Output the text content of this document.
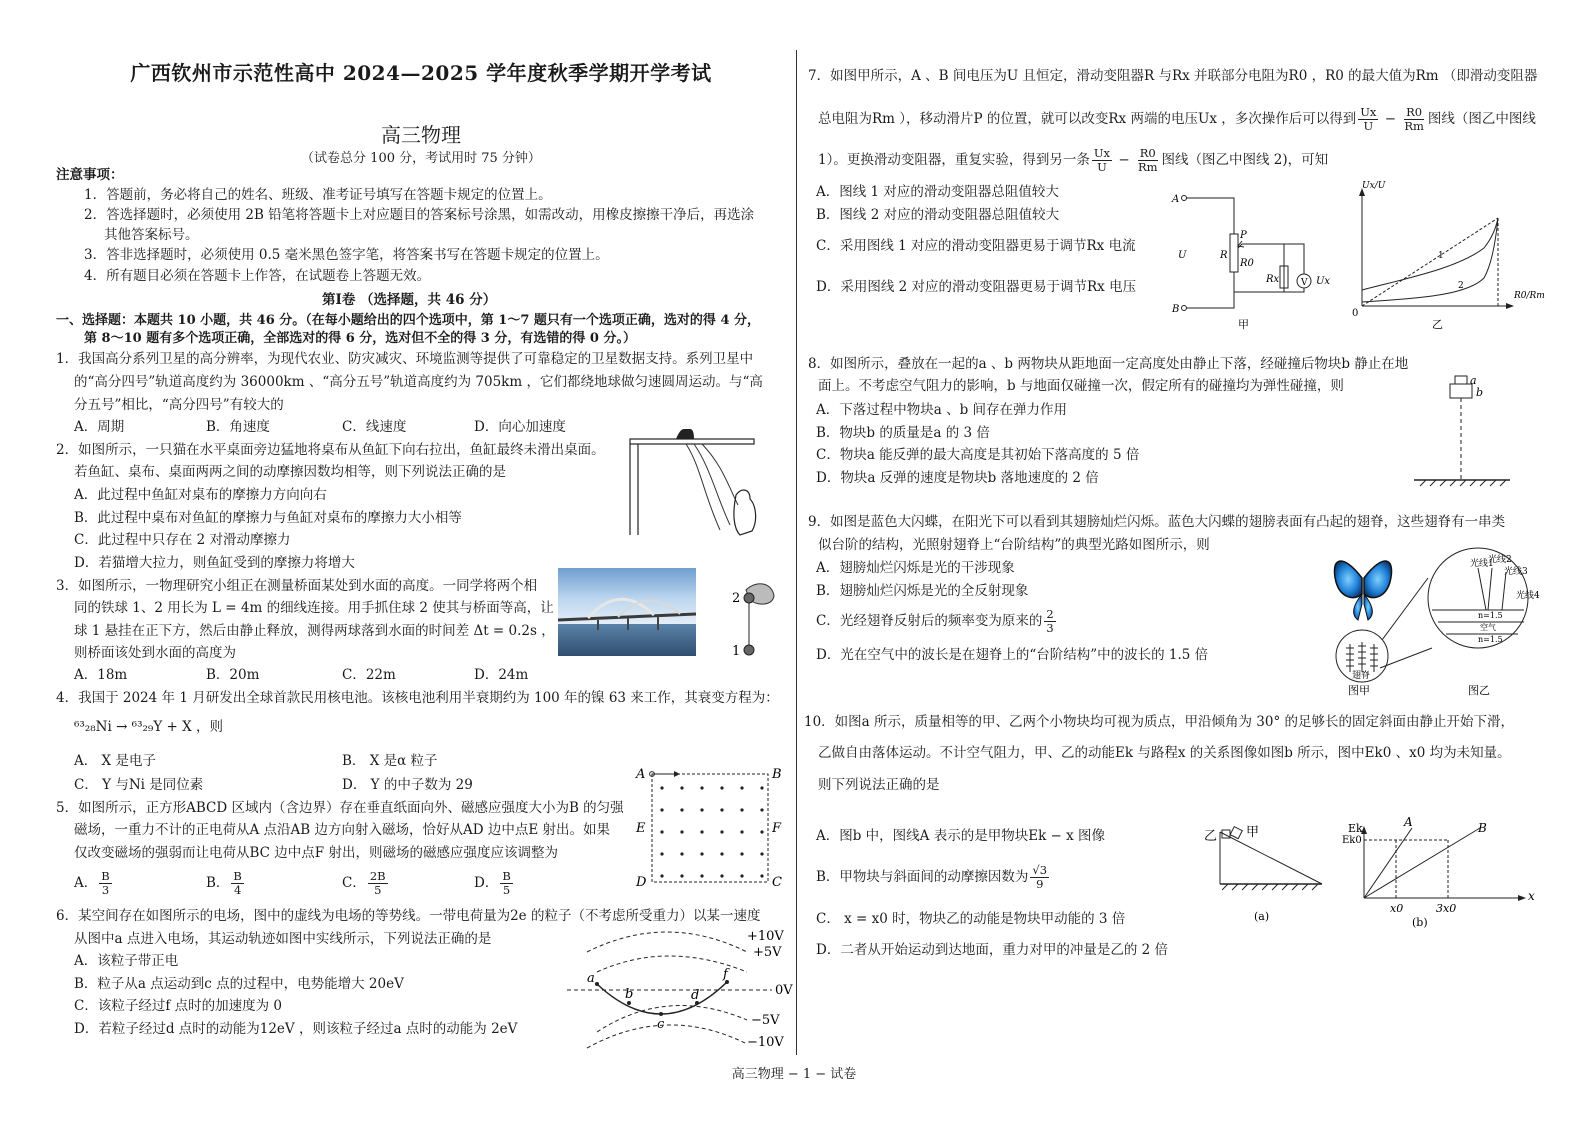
广西钦州市示范性高中 2024—2025 学年度秋季学期开学考试
高三物理
（试卷总分 100 分，考试用时 75 分钟）
注意事项：
1．答题前，务必将自己的姓名、班级、准考证号填写在答题卡规定的位置上。
2．答选择题时，必须使用 2B 铅笔将答题卡上对应题目的答案标号涂黑，如需改动，用橡皮擦擦干净后，再选涂
其他答案标号。
3．答非选择题时，必须使用 0.5 毫米黑色签字笔，将答案书写在答题卡规定的位置上。
4．所有题目必须在答题卡上作答，在试题卷上答题无效。
第Ⅰ卷 （选择题，共 46 分）
一、选择题：本题共 10 小题，共 46 分。（在每小题给出的四个选项中，第 1～7 题只有一个选项正确，选对的得 4 分，
第 8～10 题有多个选项正确，全部选对的得 6 分，选对但不全的得 3 分，有选错的得 0 分。）
1．我国高分系列卫星的高分辨率，为现代农业、防灾减灾、环境监测等提供了可靠稳定的卫星数据支持。系列卫星中
的“高分四号”轨道高度约为 36000km 、“高分五号”轨道高度约为 705km ，它们都绕地球做匀速圆周运动。与“高
分五号”相比，“高分四号”有较大的
A．周期	B．角速度	C．线速度	D．向心加速度
2．如图所示，一只猫在水平桌面旁边猛地将桌布从鱼缸下向右拉出，鱼缸最终未滑出桌面。
若鱼缸、桌布、桌面两两之间的动摩擦因数均相等，则下列说法正确的是
A．此过程中鱼缸对桌布的摩擦力方向向右
B．此过程中桌布对鱼缸的摩擦力与鱼缸对桌布的摩擦力大小相等
C．此过程中只存在 2 对滑动摩擦力
D．若猫增大拉力，则鱼缸受到的摩擦力将增大
3．如图所示，一物理研究小组正在测量桥面某处到水面的高度。一同学将两个相
同的铁球 1、2 用长为 L = 4m 的细线连接。用手抓住球 2 使其与桥面等高，让
球 1 悬挂在正下方，然后由静止释放，测得两球落到水面的时间差 Δt = 0.2s ，
则桥面该处到水面的高度为
A．18m	B．20m	C．22m	D．24m
2
1
4．我国于 2024 年 1 月研发出全球首款民用核电池。该核电池利用半衰期约为 100 年的镍 63 来工作，其衰变方程为：
⁶³₂₈Ni → ⁶³₂₉Y + X ，则
A． X 是电子	B． X 是α 粒子
C． Y 与Ni 是同位素	D． Y 的中子数为 29
5．如图所示，正方形ABCD 区域内（含边界）存在垂直纸面向外、磁感应强度大小为B 的匀强
磁场，一重力不计的正电荷从A 点沿AB 边方向射入磁场，恰好从AD 边中点E 射出。如果
仅改变磁场的强弱而让电荷从BC 边中点F 射出，则磁场的磁感应强度应该调整为
A． $\frac{B}{3}$	B． $\frac{B}{4}$	C． $\frac{2B}{5}$	D． $\frac{B}{5}$
A	B
C
D
E	F
6．某空间存在如图所示的电场，图中的虚线为电场的等势线。一带电荷量为2e 的粒子（不考虑所受重力）以某一速度
从图中a 点进入电场，其运动轨迹如图中实线所示，下列说法正确的是
A．该粒子带正电
B．粒子从a 点运动到c 点的过程中，电势能增大 20eV
C．该粒子经过f 点时的加速度为 0
D．若粒子经过d 点时的动能为12eV ，则该粒子经过a 点时的动能为 2eV
+10V
+5V
0V
−5V
−10V
a
b
c
d
f
7．如图甲所示，A 、B 间电压为U 且恒定，滑动变阻器R 与Rx 并联部分电阻为R0 ，R0 的最大值为Rm （即滑动变阻器
总电阻为Rm ），移动滑片P 的位置，就可以改变Rx 两端的电压Ux ，多次操作后可以得到 $\frac{Ux}{U} - \frac{R0}{Rm}$ 图线（图乙中图线
1）。更换滑动变阻器，重复实验，得到另一条 $\frac{Ux}{U} - \frac{R0}{Rm}$ 图线（图乙中图线 2)，可知
A．图线 1 对应的滑动变阻器总阻值较大
B．图线 2 对应的滑动变阻器总阻值较大
C．采用图线 1 对应的滑动变阻器更易于调节Rx 电流
D．采用图线 2 对应的滑动变阻器更易于调节Rx 电压
A
B
U	R
P
R0
Rx V Ux
甲
Ux/U
R0/Rm
0
1
2
乙
8．如图所示，叠放在一起的a 、b 两物块从距地面一定高度处由静止下落，经碰撞后物块b 静止在地
面上。不考虑空气阻力的影响，b 与地面仅碰撞一次，假定所有的碰撞均为弹性碰撞，则
A．下落过程中物块a 、b 间存在弹力作用
B．物块b 的质量是a 的 3 倍
C．物块a 能反弹的最大高度是其初始下落高度的 5 倍
D．物块a 反弹的速度是物块b 落地速度的 2 倍
a
b
9．如图是蓝色大闪蝶，在阳光下可以看到其翅膀灿烂闪烁。蓝色大闪蝶的翅膀表面有凸起的翅脊，这些翅脊有一串类
似台阶的结构，光照射翅脊上“台阶结构”的典型光路如图所示，则
A．翅膀灿烂闪烁是光的干涉现象
B．翅膀灿烂闪烁是光的全反射现象
C．光经翅脊反射后的频率变为原来的 $\frac{2}{3}$
D．光在空气中的波长是在翅脊上的“台阶结构”中的波长的 1.5 倍
光线1
光线2
光线3
光线4
n=1.5
空气
n=1.5
翅脊
图甲	图乙
10．如图a 所示，质量相等的甲、乙两个小物块均可视为质点，甲沿倾角为 30° 的足够长的固定斜面由静止开始下滑，
乙做自由落体运动。不计空气阻力，甲、乙的动能Ek 与路程x 的关系图像如图b 所示，图中Ek0 、x0 均为未知量。
则下列说法正确的是
A．图b 中，图线A 表示的是甲物块Ek − x 图像
B．甲物块与斜面间的动摩擦因数为 $\frac{√3}{9}$
C． x = x0 时，物块乙的动能是物块甲动能的 3 倍
D．二者从开始运动到达地面，重力对甲的冲量是乙的 2 倍
乙 甲
(a)
Ek
Ek0
A	B
x
x0	3x0
(b)
高三物理 − 1 − 试卷
